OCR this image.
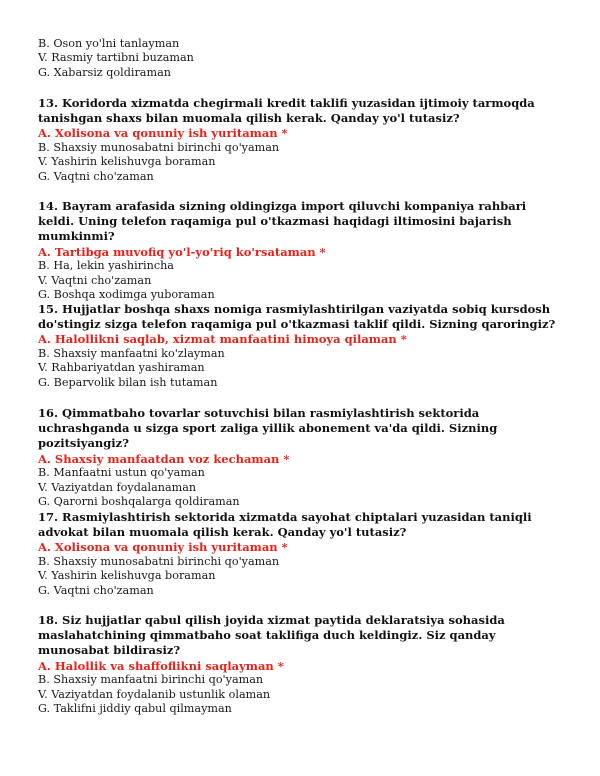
B. Oson yo'lni tanlayman
V. Rasmiy tartibni buzaman
G. Xabarsiz qoldiraman
13. Koridorda xizmatda chegirmali kredit taklifi yuzasidan ijtimoiy tarmoqda tanishgan shaxs bilan muomala qilish kerak. Qanday yo'l tutasiz?
A. Xolisona va qonuniy ish yuritaman *
B. Shaxsiy munosabatni birinchi qo'yaman
V. Yashirin kelishuvga boraman
G. Vaqtni cho'zaman
14. Bayram arafasida sizning oldingizga import qiluvchi kompaniya rahbari keldi. Uning telefon raqamiga pul o'tkazmasi haqidagi iltimosini bajarish mumkinmi?
A. Tartibga muvofiq yo'l-yo'riq ko'rsataman *
B. Ha, lekin yashirincha
V. Vaqtni cho'zaman
G. Boshqa xodimga yuboraman
15. Hujjatlar boshqa shaxs nomiga rasmiylashtirilgan vaziyatda sobiq kursdosh do'stingiz sizga telefon raqamiga pul o'tkazmasi taklif qildi. Sizning qaroringiz?
A. Halollikni saqlab, xizmat manfaatini himoya qilaman *
B. Shaxsiy manfaatni ko'zlayman
V. Rahbariyatdan yashiraman
G. Beparvolik bilan ish tutaman
16. Qimmatbaho tovarlar sotuvchisi bilan rasmiylashtirish sektorida uchrashganda u sizga sport zaliga yillik abonement va'da qildi. Sizning pozitsiyangiz?
A. Shaxsiy manfaatdan voz kechaman *
B. Manfaatni ustun qo'yaman
V. Vaziyatdan foydalanaman
G. Qarorni boshqalarga qoldiraman
17. Rasmiylashtirish sektorida xizmatda sayohat chiptalari yuzasidan taniqli advokat bilan muomala qilish kerak. Qanday yo'l tutasiz?
A. Xolisona va qonuniy ish yuritaman *
B. Shaxsiy munosabatni birinchi qo'yaman
V. Yashirin kelishuvga boraman
G. Vaqtni cho'zaman
18. Siz hujjatlar qabul qilish joyida xizmat paytida deklaratsiya sohasida maslahatchining qimmatbaho soat taklifiga duch keldingiz. Siz qanday munosabat bildirasiz?
A. Halollik va shaffoflikni saqlayman *
B. Shaxsiy manfaatni birinchi qo'yaman
V. Vaziyatdan foydalanib ustunlik olaman
G. Taklifni jiddiy qabul qilmayman
